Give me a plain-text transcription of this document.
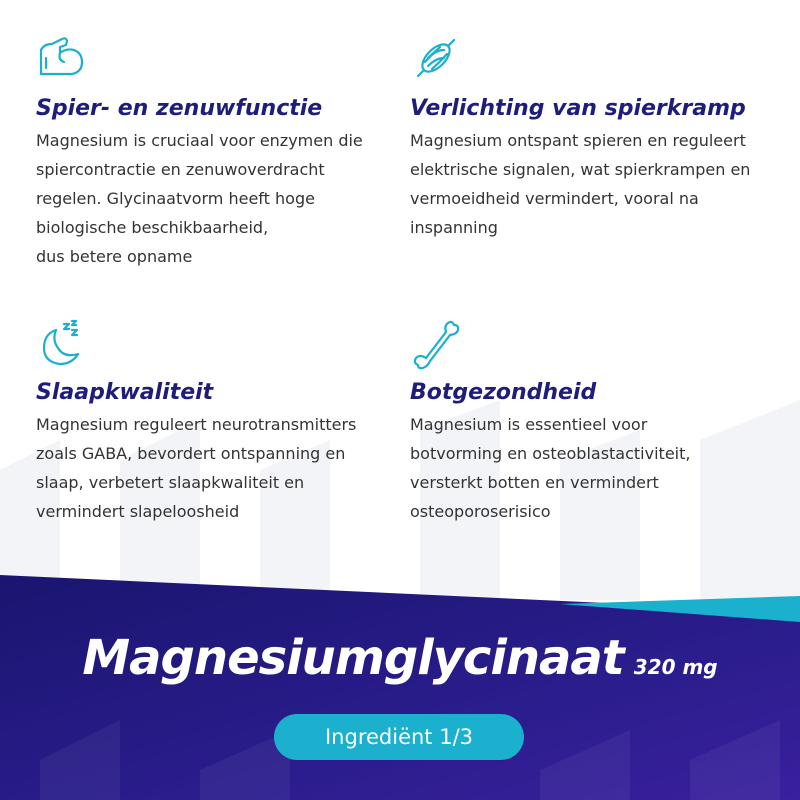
Spier- en zenuwfunctie

Magnesium is cruciaal voor enzymen die
spiercontractie en zenuwoverdracht
regelen. Glycinaatvorm heeft hoge
biologische beschikbaarheid,
dus betere opname

Verlichting van spierkramp

Magnesium ontspant spieren en reguleert
elektrische signalen, wat spierkrampen en
vermoeidheid vermindert, vooral na
inspanning

Slaapkwaliteit

Magnesium reguleert neurotransmitters
zoals GABA, bevordert ontspanning en
slaap, verbetert slaapkwaliteit en
vermindert slapeloosheid

Botgezondheid

Magnesium is essentieel voor
botvorming en osteoblastactiviteit,
versterkt botten en vermindert
osteoporoserisico

Magnesiumglycinaat 320 mg
Ingrediënt 1/3
